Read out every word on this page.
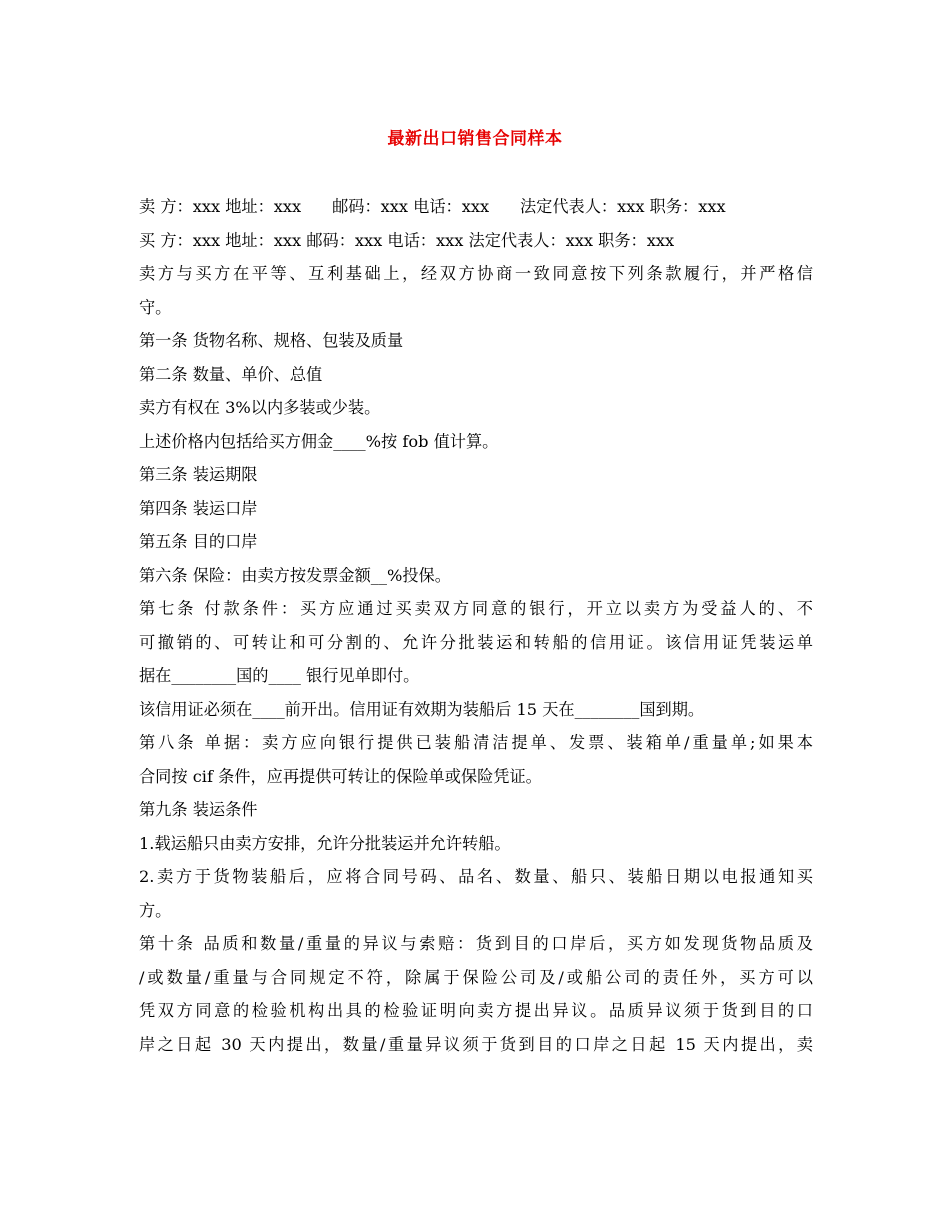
最新出口销售合同样本
卖 方：xxx 地址：xxx      邮码：xxx 电话：xxx      法定代表人：xxx 职务：xxx
买 方：xxx 地址：xxx 邮码：xxx 电话：xxx 法定代表人：xxx 职务：xxx
卖方与买方在平等、互利基础上，经双方协商一致同意按下列条款履行，并严格信
守。
第一条 货物名称、规格、包装及质量
第二条 数量、单价、总值
卖方有权在 3%以内多装或少装。
上述价格内包括给买方佣金____%按 fob 值计算。
第三条 装运期限
第四条 装运口岸
第五条 目的口岸
第六条 保险：由卖方按发票金额__%投保。
第七条 付款条件：买方应通过买卖双方同意的银行，开立以卖方为受益人的、不
可撤销的、可转让和可分割的、允许分批装运和转船的信用证。该信用证凭装运单
据在________国的____ 银行见单即付。
该信用证必须在____前开出。信用证有效期为装船后 15 天在________国到期。
第八条 单据：卖方应向银行提供已装船清洁提单、发票、装箱单/重量单;如果本
合同按 cif 条件，应再提供可转让的保险单或保险凭证。
第九条 装运条件
1.载运船只由卖方安排，允许分批装运并允许转船。
2.卖方于货物装船后，应将合同号码、品名、数量、船只、装船日期以电报通知买
方。
第十条 品质和数量/重量的异议与索赔：货到目的口岸后，买方如发现货物品质及
/或数量/重量与合同规定不符，除属于保险公司及/或船公司的责任外，买方可以
凭双方同意的检验机构出具的检验证明向卖方提出异议。品质异议须于货到目的口
岸之日起 30 天内提出，数量/重量异议须于货到目的口岸之日起 15 天内提出，卖
